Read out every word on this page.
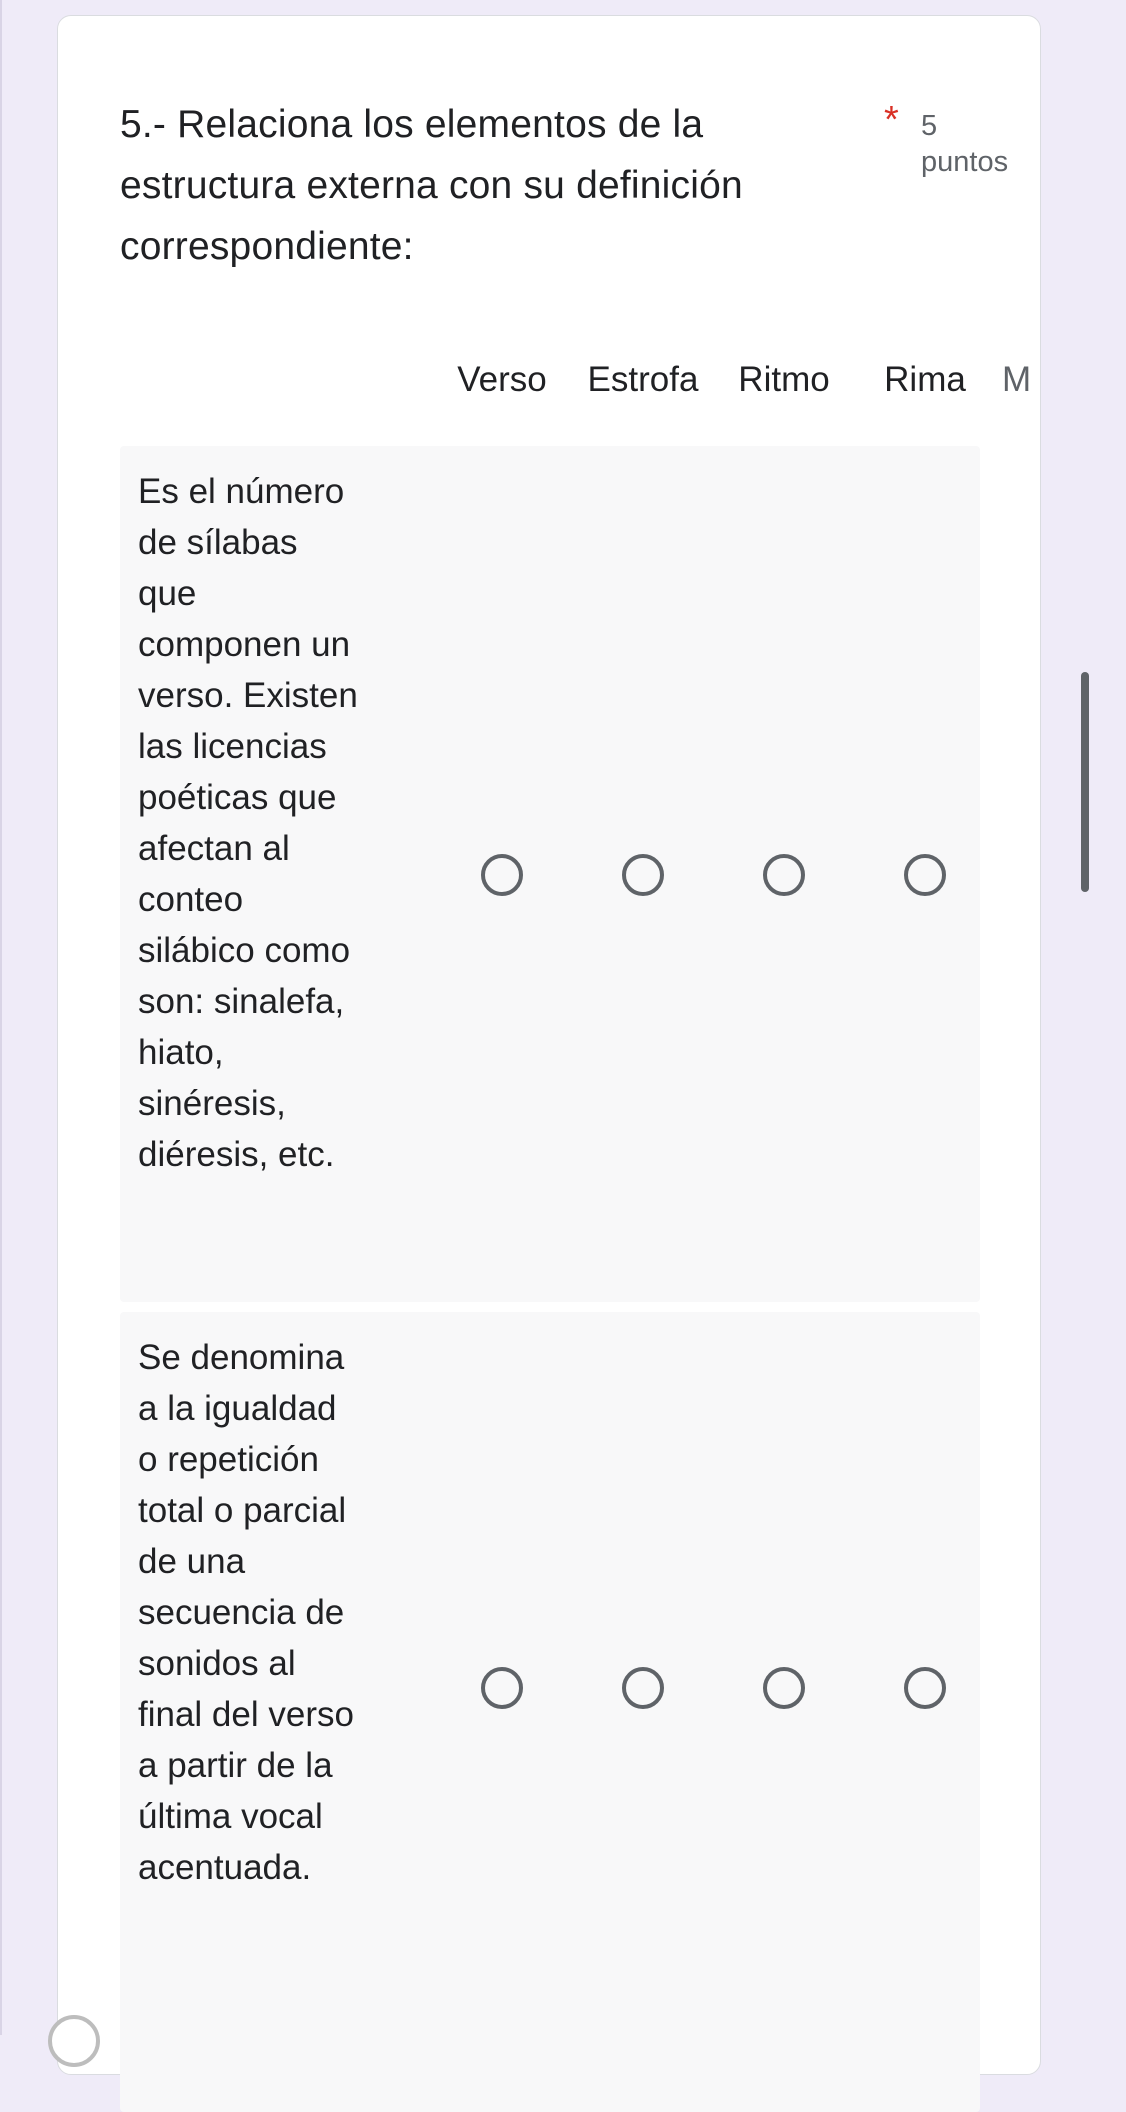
5.- Relaciona los elementos de la estructura externa con su definición correspondiente:
* 5 puntos
Verso	Estrofa	Ritmo	Rima	M
Es el número de sílabas que componen un verso. Existen las licencias poéticas que afectan al conteo silábico como son: sinalefa, hiato, sinéresis, diéresis, etc.
Se denomina a la igualdad o repetición total o parcial de una secuencia de sonidos al final del verso a partir de la última vocal acentuada.
